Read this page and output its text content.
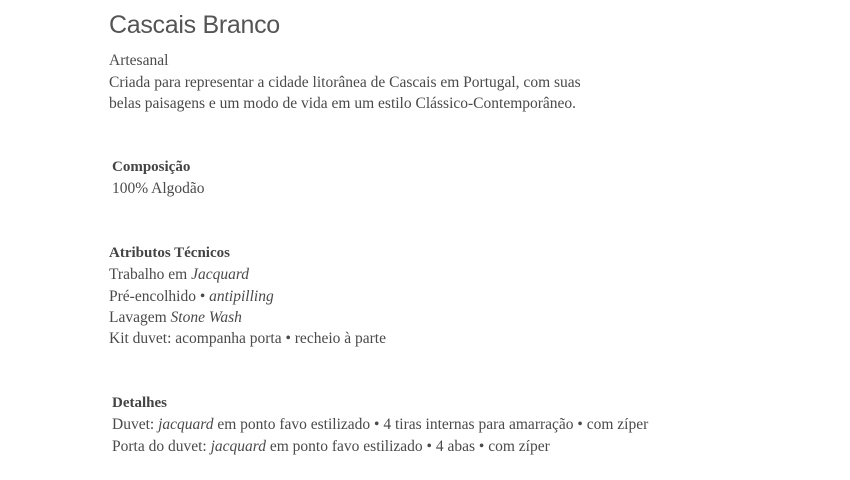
Cascais Branco
Artesanal
Criada para representar a cidade litorânea de Cascais em Portugal, com suas
belas paisagens e um modo de vida em um estilo Clássico-Contemporâneo.
Composição
100% Algodão
Atributos Técnicos
Trabalho em Jacquard
Pré-encolhido • antipilling
Lavagem Stone Wash
Kit duvet: acompanha porta • recheio à parte
Detalhes
Duvet: jacquard em ponto favo estilizado • 4 tiras internas para amarração • com zíper
Porta do duvet: jacquard em ponto favo estilizado • 4 abas • com zíper
